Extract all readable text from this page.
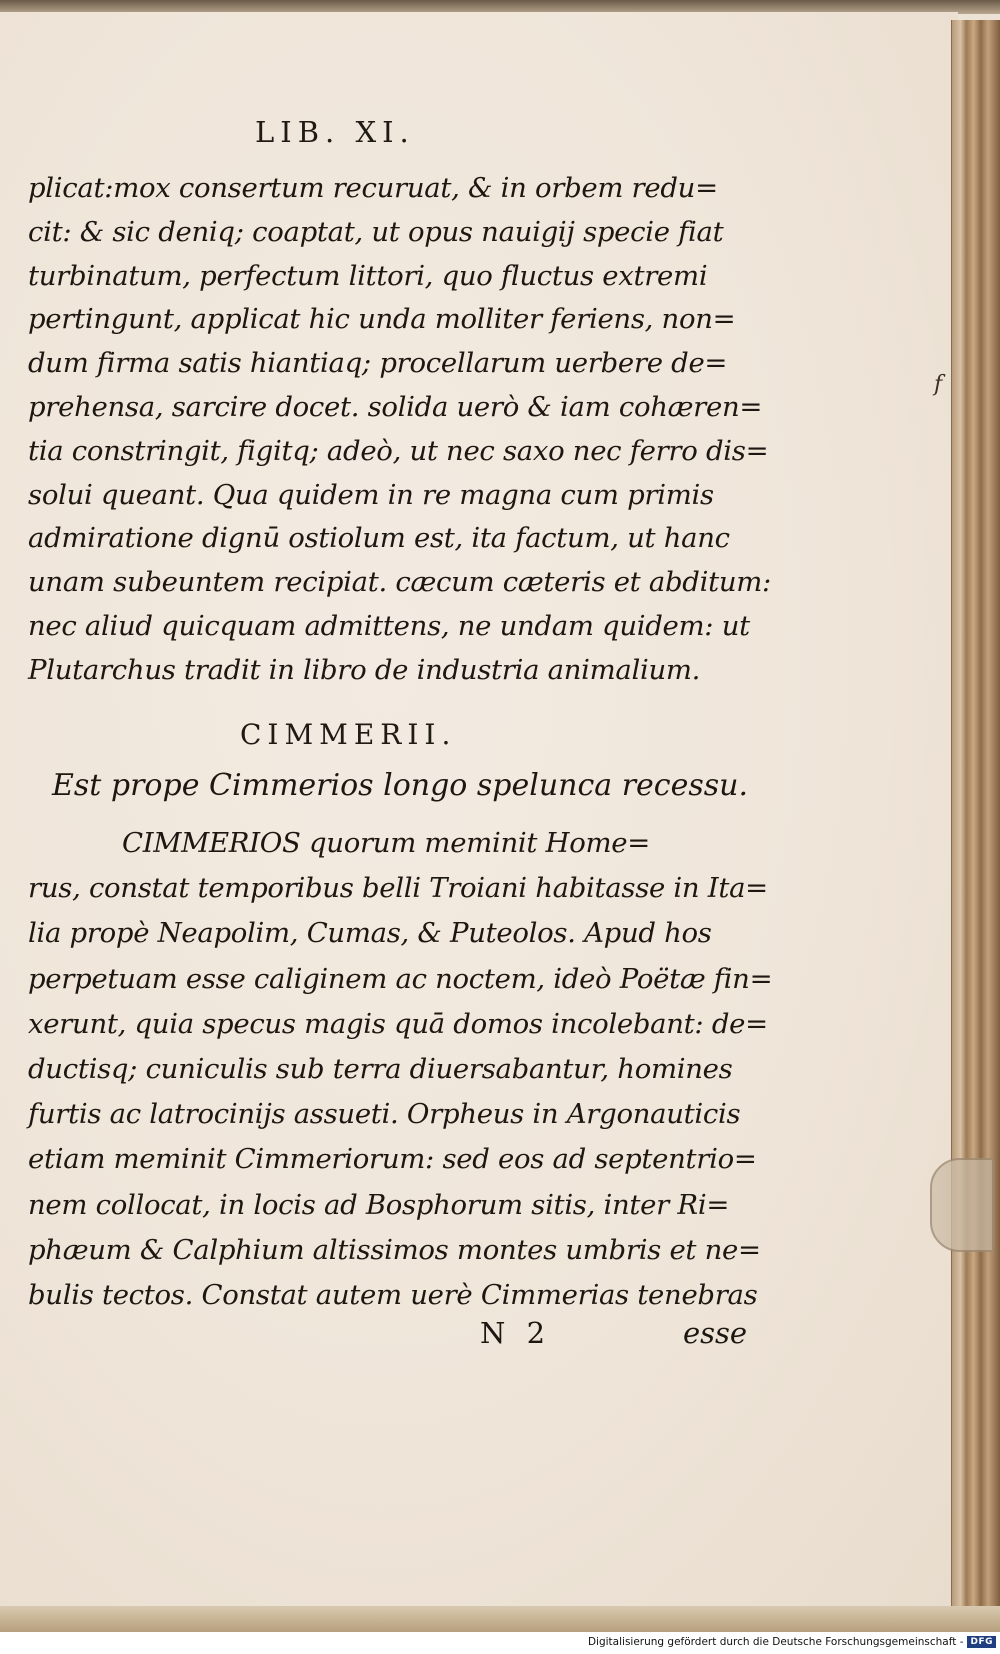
LIB. XI.
plicat:mox consertum recuruat, & in orbem redu=
cit: & sic deniq; coaptat, ut opus nauigij specie fiat
turbinatum, perfectum littori, quo fluctus extremi
pertingunt, applicat hic unda molliter feriens, non=
dum firma satis hiantiaq; procellarum uerbere de=
prehensa, sarcire docet. solida uerò & iam cohæren=
tia constringit, figitq; adeò, ut nec saxo nec ferro dis=
solui queant. Qua quidem in re magna cum primis
admiratione dignū ostiolum est, ita factum, ut hanc
unam subeuntem recipiat. cæcum cæteris et abditum:
nec aliud quicquam admittens, ne undam quidem: ut
Plutarchus tradit in libro de industria animalium.
CIMMERII.
Est prope Cimmerios longo spelunca recessu.
CIMMERIOS quorum meminit Home=
rus, constat temporibus belli Troiani habitasse in Ita=
lia propè Neapolim, Cumas, & Puteolos. Apud hos
perpetuam esse caliginem ac noctem, ideò Poëtæ fin=
xerunt, quia specus magis quā domos incolebant: de=
ductisq; cuniculis sub terra diuersabantur, homines
furtis ac latrocinijs assueti. Orpheus in Argonauticis
etiam meminit Cimmeriorum: sed eos ad septentrio=
nem collocat, in locis ad Bosphorum sitis, inter Ri=
phæum & Calphium altissimos montes umbris et ne=
bulis tectos. Constat autem uerè Cimmerias tenebras
N 2	esse
f
Digitalisierung gefördert durch die Deutsche Forschungsgemeinschaft - DFG
